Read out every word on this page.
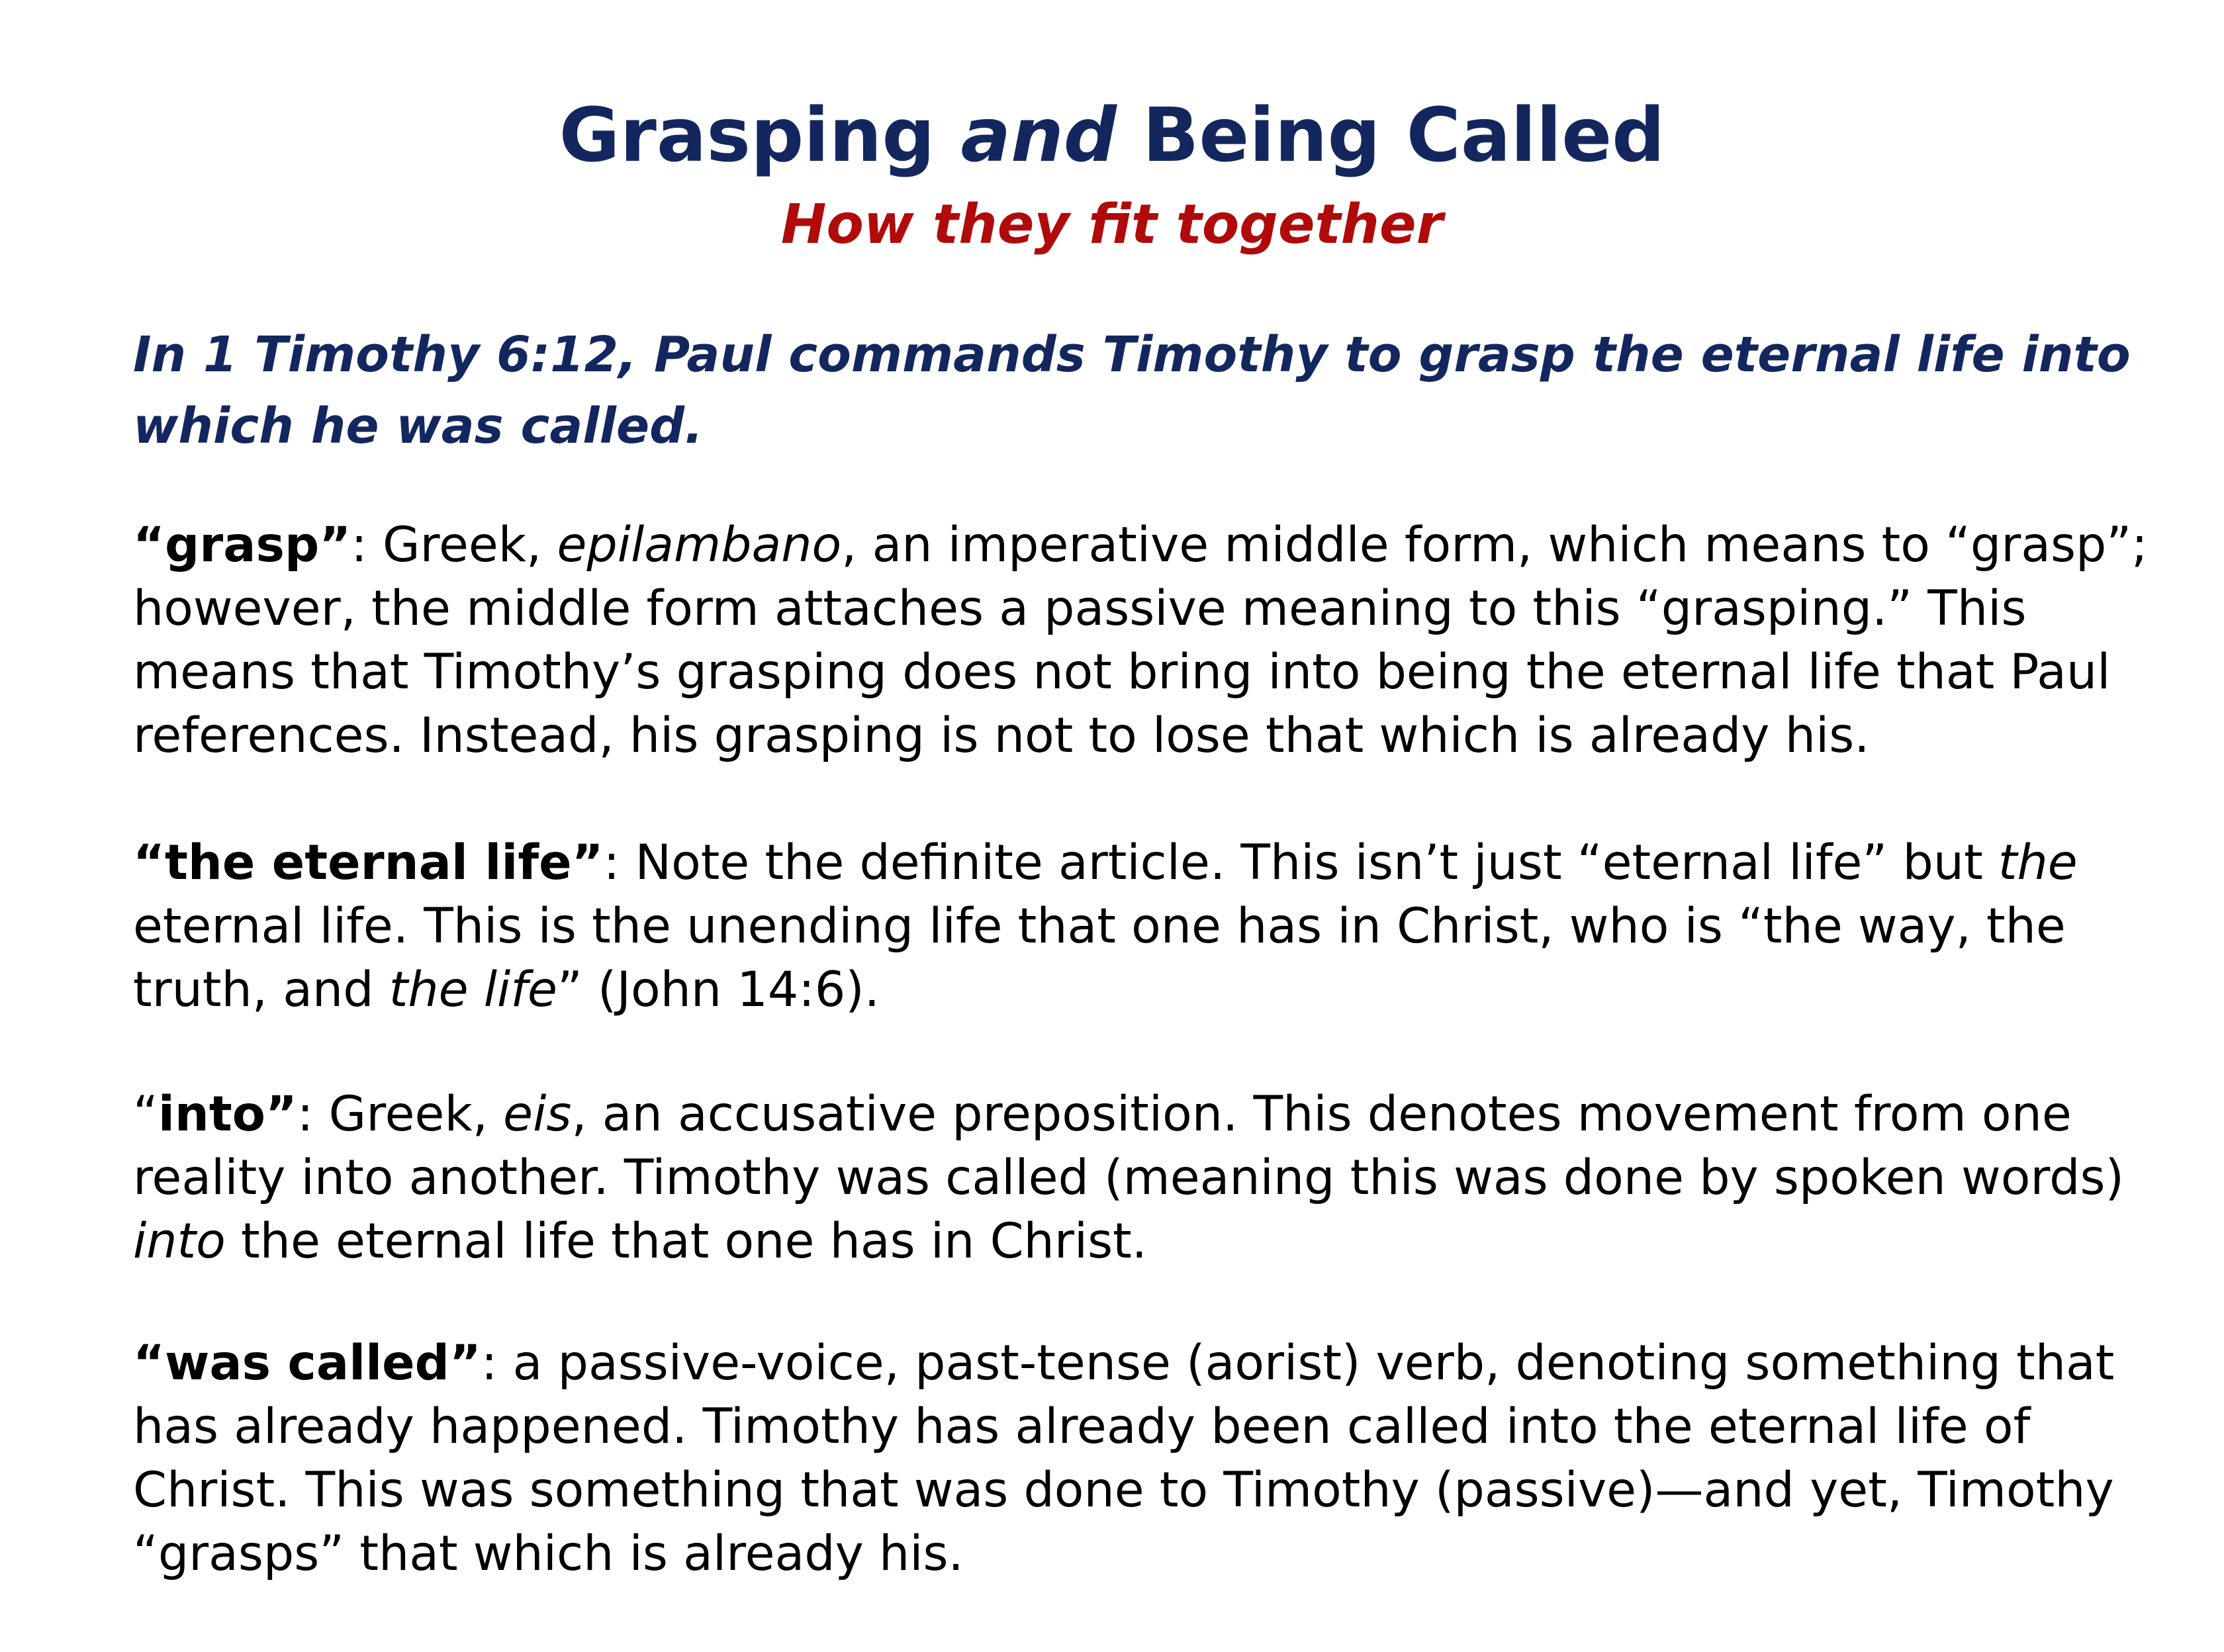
Grasping and Being Called
How they fit together
In 1 Timothy 6:12, Paul commands Timothy to grasp the eternal life into which he was called.
“grasp”: Greek, epilambano, an imperative middle form, which means to “grasp”; however, the middle form attaches a passive meaning to this “grasping.” This means that Timothy’s grasping does not bring into being the eternal life that Paul references. Instead, his grasping is not to lose that which is already his.
“the eternal life”: Note the definite article. This isn’t just “eternal life” but the eternal life. This is the unending life that one has in Christ, who is “the way, the truth, and the life” (John 14:6).
“into”: Greek, eis, an accusative preposition. This denotes movement from one reality into another. Timothy was called (meaning this was done by spoken words) into the eternal life that one has in Christ.
“was called”: a passive-voice, past-tense (aorist) verb, denoting something that has already happened. Timothy has already been called into the eternal life of Christ. This was something that was done to Timothy (passive)—and yet, Timothy “grasps” that which is already his.
